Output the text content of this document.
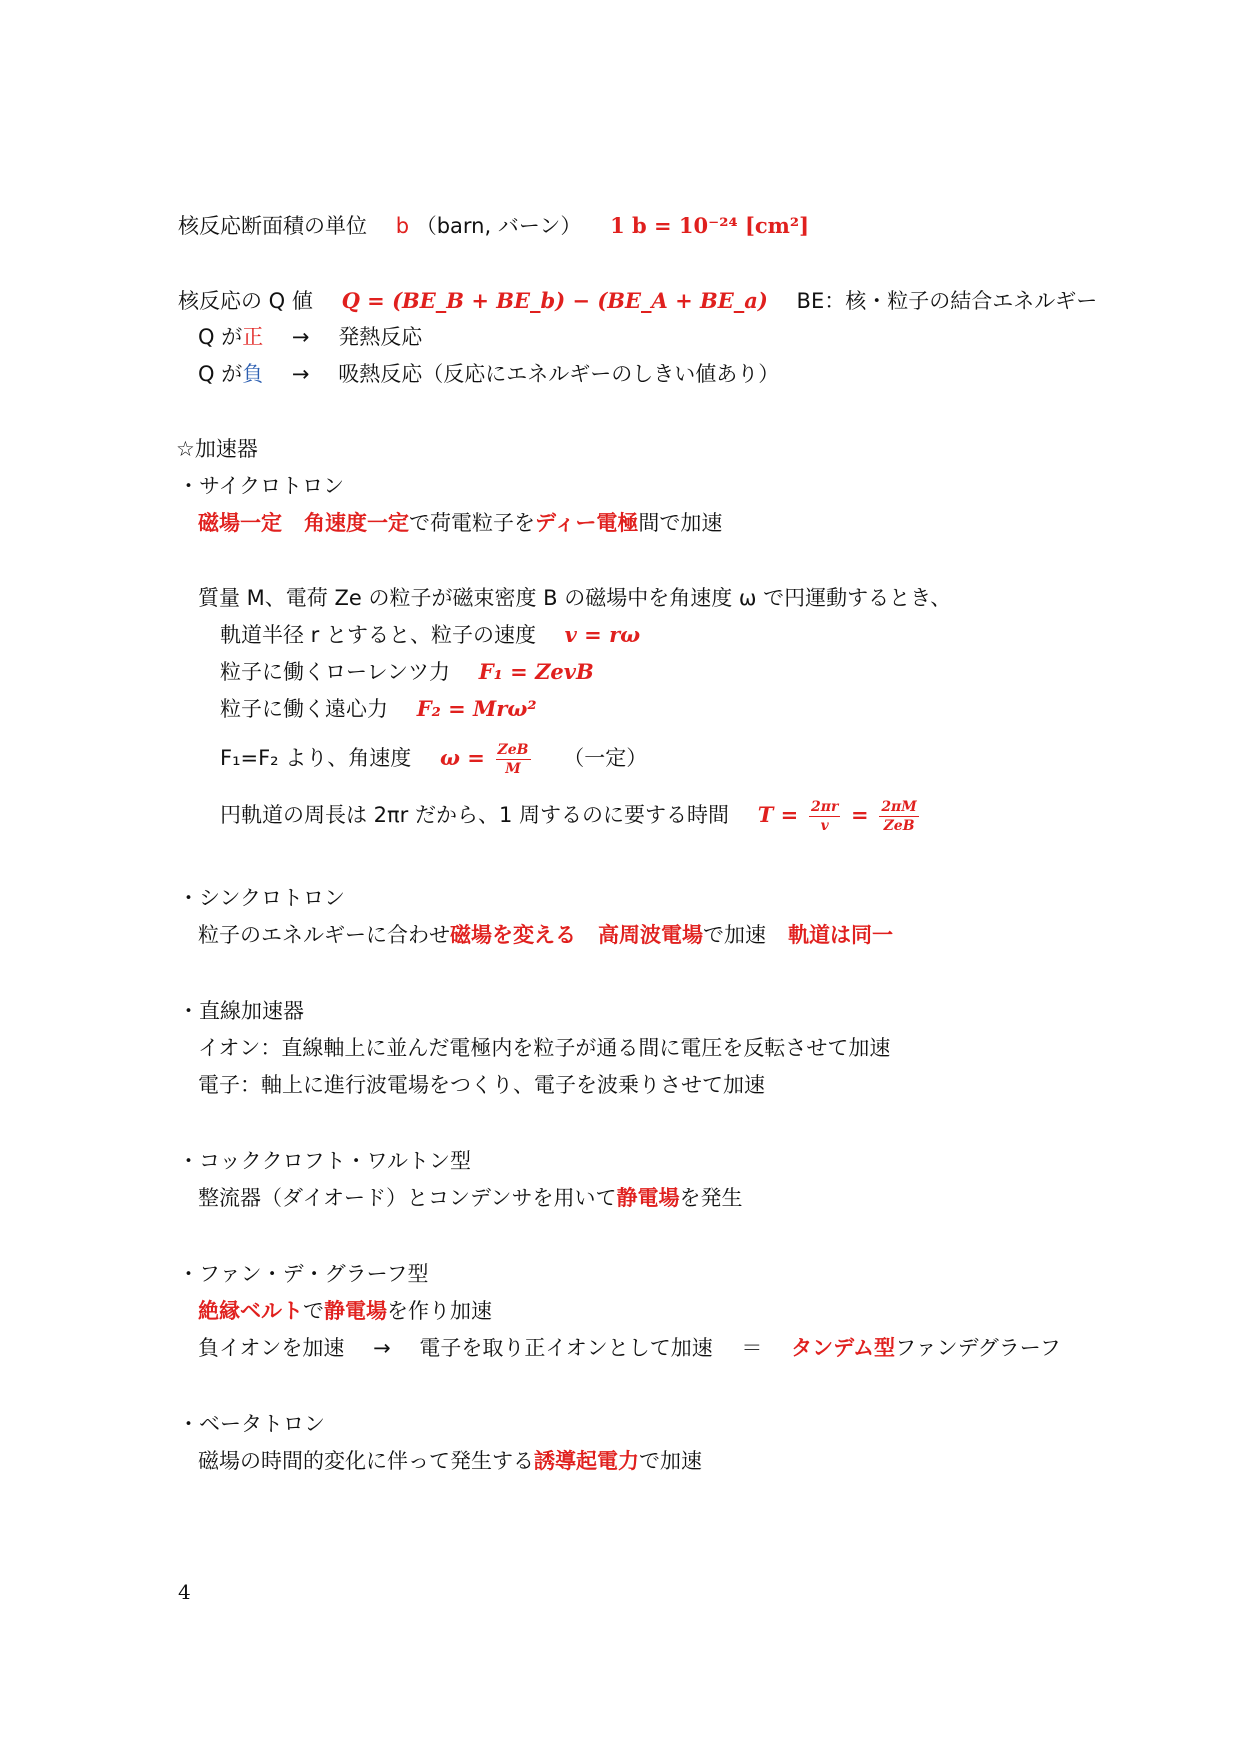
核反応断面積の単位 b （barn, バーン） 1 b = 10⁻²⁴ [cm²]
核反応の Q 値 Q = (BE_B + BE_b) − (BE_A + BE_a) BE：核・粒子の結合エネルギー
Q が正 → 発熱反応
Q が負 → 吸熱反応（反応にエネルギーのしきい値あり）
☆加速器
・サイクロトロン
磁場一定 角速度一定で荷電粒子をディー電極間で加速
質量 M、電荷 Ze の粒子が磁束密度 B の磁場中を角速度 ω で円運動するとき、
軌道半径 r とすると、粒子の速度 v = rω
粒子に働くローレンツ力 F₁ = ZevB
粒子に働く遠心力 F₂ = Mrω²
F₁=F₂ より、角速度 $\omega = \frac{\text{ZeB}}{M}$ （一定）
円軌道の周長は 2πr だから、1 周するのに要する時間 $T = \frac{2\pi r}{v} = \frac{2\pi M}{\text{ZeB}}$
・シンクロトロン
粒子のエネルギーに合わせ磁場を変える 高周波電場で加速 軌道は同一
・直線加速器
イオン：直線軸上に並んだ電極内を粒子が通る間に電圧を反転させて加速
電子：軸上に進行波電場をつくり、電子を波乗りさせて加速
・コッククロフト・ワルトン型
整流器（ダイオード）とコンデンサを用いて静電場を発生
・ファン・デ・グラーフ型
絶縁ベルトで静電場を作り加速
負イオンを加速 → 電子を取り正イオンとして加速 ＝ タンデム型ファンデグラーフ
・ベータトロン
磁場の時間的変化に伴って発生する誘導起電力で加速
4
